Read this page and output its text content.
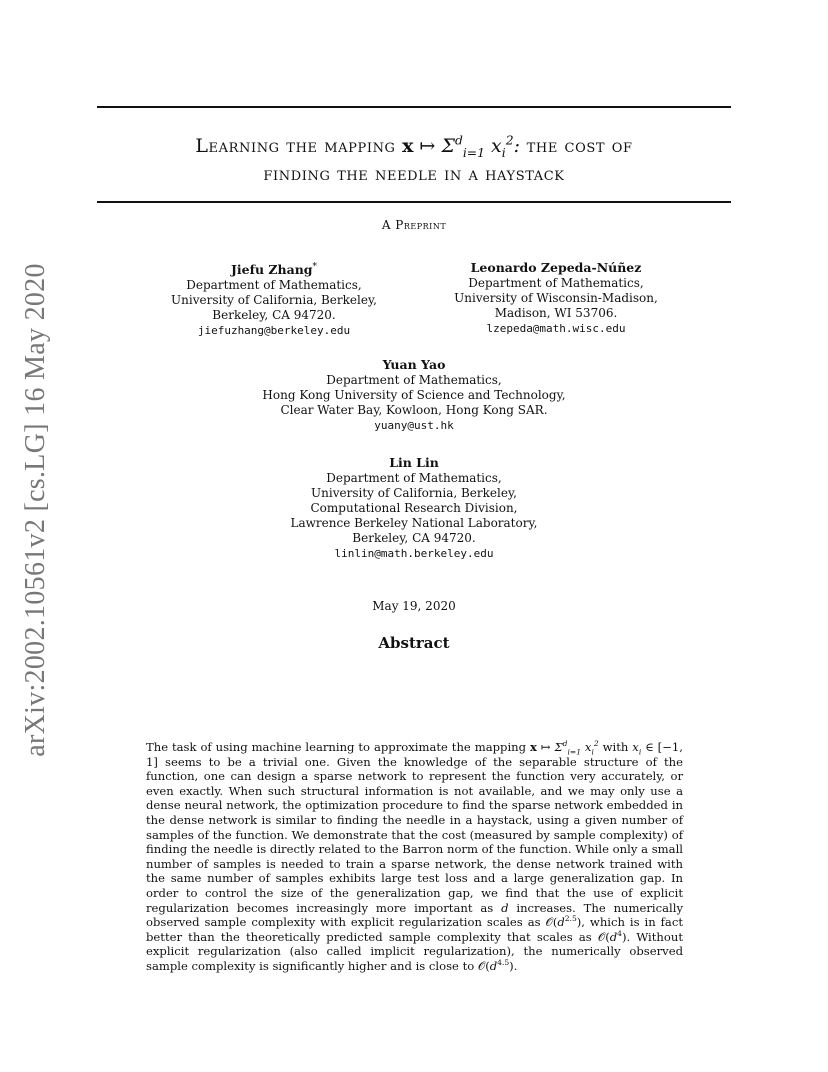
Learning the mapping x ↦ $\Sigma^d_{i=1}$ $x_i^2$: the cost of
finding the needle in a haystack
A Preprint
Jiefu Zhang*
Department of Mathematics,
University of California, Berkeley,
Berkeley, CA 94720.
jiefuzhang@berkeley.edu
Leonardo Zepeda-Núñez
Department of Mathematics,
University of Wisconsin-Madison,
Madison, WI 53706.
lzepeda@math.wisc.edu
Yuan Yao
Department of Mathematics,
Hong Kong University of Science and Technology,
Clear Water Bay, Kowloon, Hong Kong SAR.
yuany@ust.hk
Lin Lin
Department of Mathematics,
University of California, Berkeley,
Computational Research Division,
Lawrence Berkeley National Laboratory,
Berkeley, CA 94720.
linlin@math.berkeley.edu
May 19, 2020
Abstract
The task of using machine learning to approximate the mapping x ↦ $\Sigma^d_{i=1}$ $x_i^2$ with $x_i$ ∈ [−1, 1] seems to be a trivial one. Given the knowledge of the separable structure of the function, one can design a sparse network to represent the function very accurately, or even exactly. When such structural information is not available, and we may only use a dense neural network, the optimization procedure to find the sparse network embedded in the dense network is similar to finding the needle in a haystack, using a given number of samples of the function. We demonstrate that the cost (measured by sample complexity) of finding the needle is directly related to the Barron norm of the function. While only a small number of samples is needed to train a sparse network, the dense network trained with the same number of samples exhibits large test loss and a large generalization gap. In order to control the size of the generalization gap, we find that the use of explicit regularization becomes increasingly more important as d increases. The numerically observed sample complexity with explicit regularization scales as $𝒪(d^{2.5})$, which is in fact better than the theoretically predicted sample complexity that scales as $𝒪(d^4)$. Without explicit regularization (also called implicit regularization), the numerically observed sample complexity is significantly higher and is close to $𝒪(d^{4.5})$.
arXiv:2002.10561v2 [cs.LG] 16 May 2020
